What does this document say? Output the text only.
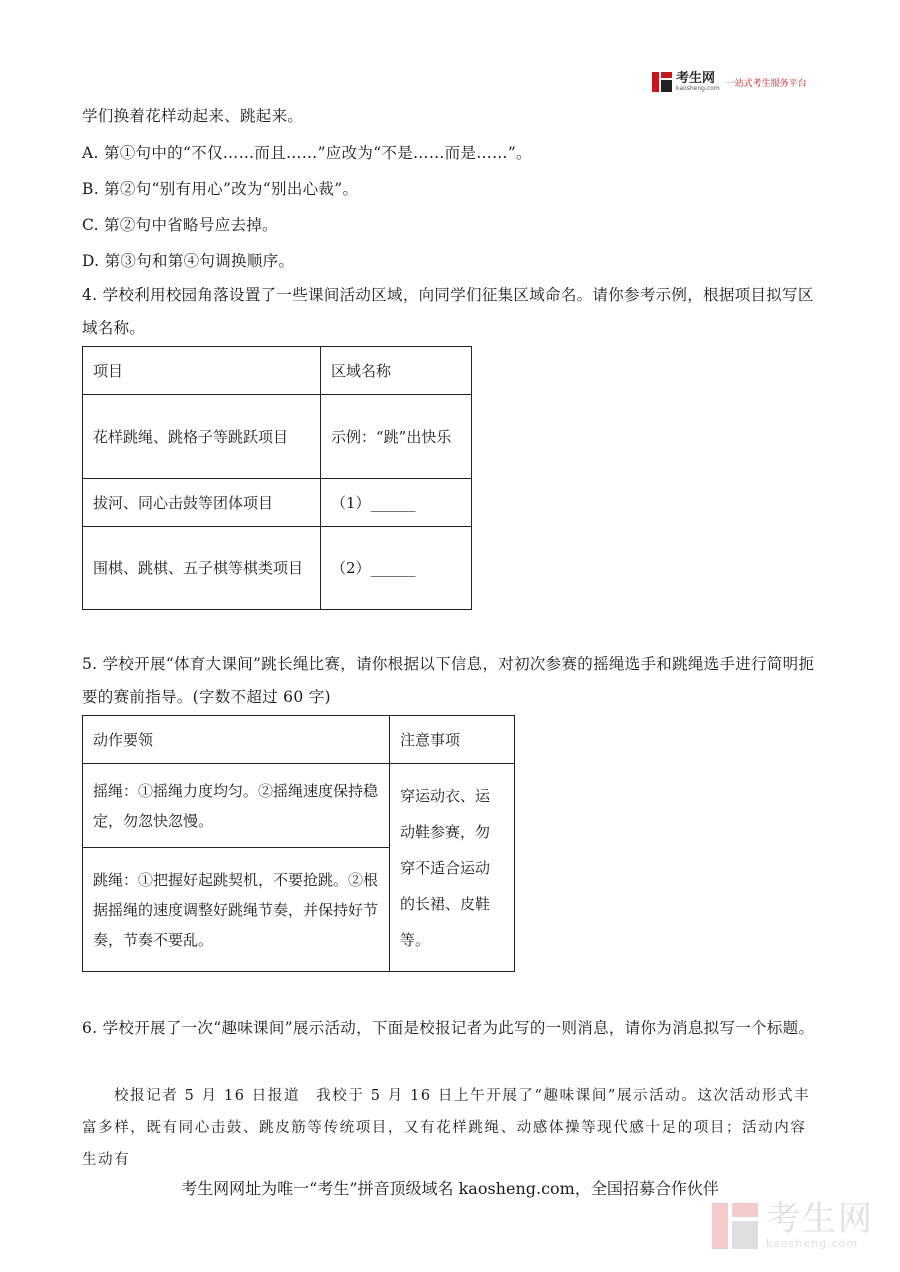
考生网
kaosheng.com 一站式考生服务平台
学们换着花样动起来、跳起来。
A. 第①句中的“不仅……而且……”应改为“不是……而是……”。
B. 第②句“别有用心”改为“别出心裁”。
C. 第②句中省略号应去掉。
D. 第③句和第④句调换顺序。
4. 学校利用校园角落设置了一些课间活动区域，向同学们征集区域命名。请你参考示例，根据项目拟写区域名称。
项目	区域名称
花样跳绳、跳格子等跳跃项目	示例：“跳”出快乐
拔河、同心击鼓等团体项目	（1）______
围棋、跳棋、五子棋等棋类项目	（2）______
5. 学校开展“体育大课间”跳长绳比赛，请你根据以下信息，对初次参赛的摇绳选手和跳绳选手进行简明扼要的赛前指导。(字数不超过 60 字)
动作要领	注意事项
摇绳：①摇绳力度均匀。②摇绳速度保持稳定，勿忽快忽慢。	穿运动衣、运动鞋参赛，勿穿不适合运动的长裙、皮鞋等。
跳绳：①把握好起跳契机，不要抢跳。②根据摇绳的速度调整好跳绳节奏，并保持好节奏，节奏不要乱。	
6. 学校开展了一次“趣味课间”展示活动，下面是校报记者为此写的一则消息，请你为消息拟写一个标题。
校报记者 5 月 16 日报道　我校于 5 月 16 日上午开展了“趣味课间”展示活动。这次活动形式丰富多样，既有同心击鼓、跳皮筋等传统项目，又有花样跳绳、动感体操等现代感十足的项目；活动内容生动有
考生网网址为唯一“考生”拼音顶级域名 kaosheng.com，全国招募合作伙伴
考生网
kaosheng.com
